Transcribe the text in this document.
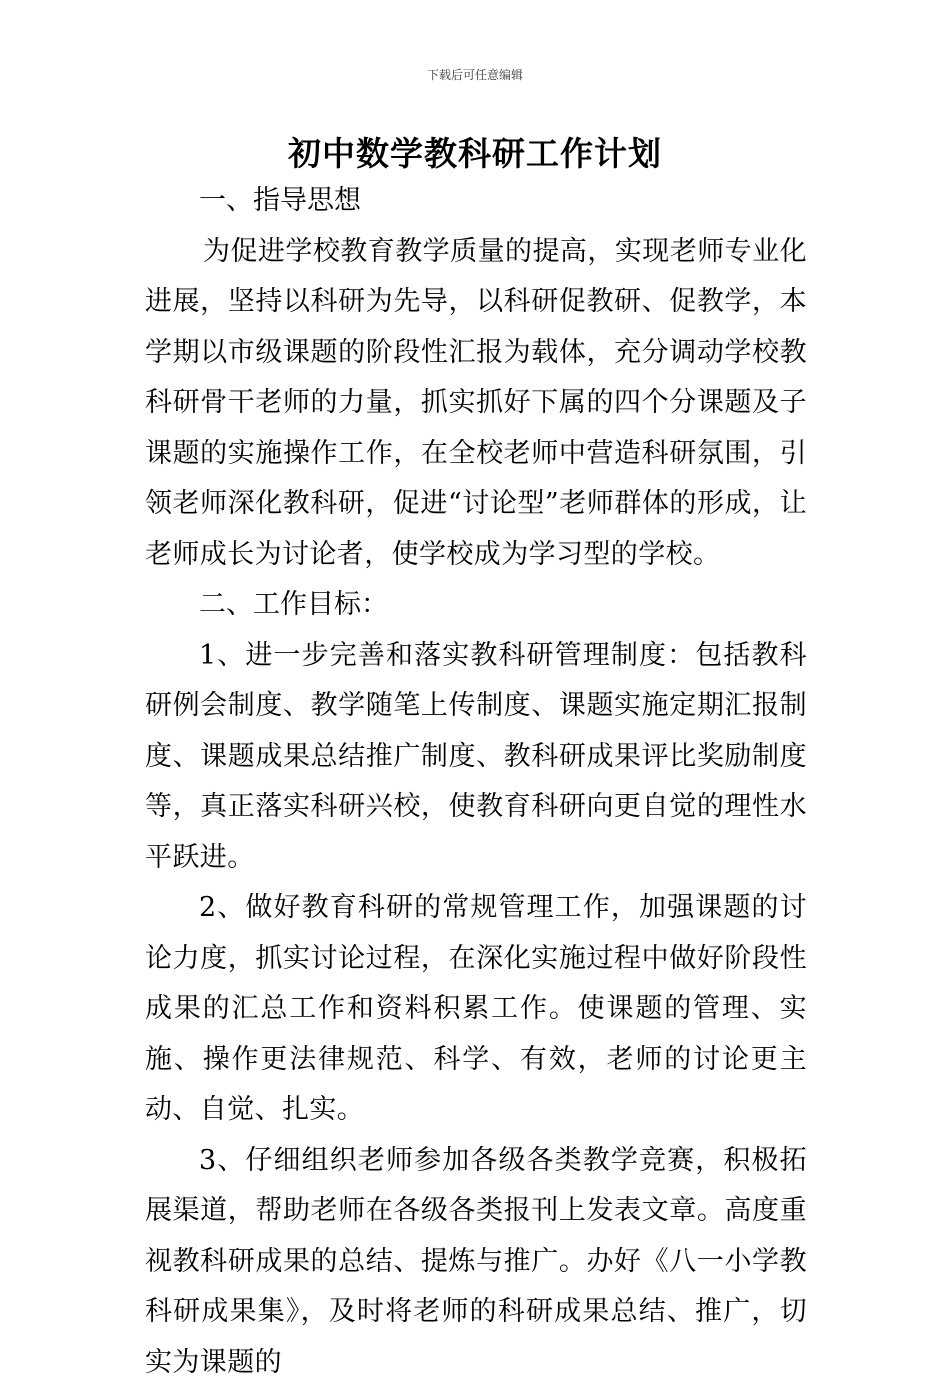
下载后可任意编辑
初中数学教科研工作计划

一、指导思想

为促进学校教育教学质量的提高，实现老师专业化进展，坚持以科研为先导，以科研促教研、促教学，本学期以市级课题的阶段性汇报为载体，充分调动学校教科研骨干老师的力量，抓实抓好下属的四个分课题及子课题的实施操作工作，在全校老师中营造科研氛围，引领老师深化教科研，促进“讨论型”老师群体的形成，让老师成长为讨论者，使学校成为学习型的学校。

二、工作目标：

1、进一步完善和落实教科研管理制度：包括教科研例会制度、教学随笔上传制度、课题实施定期汇报制度、课题成果总结推广制度、教科研成果评比奖励制度等，真正落实科研兴校，使教育科研向更自觉的理性水平跃进。

2、做好教育科研的常规管理工作，加强课题的讨论力度，抓实讨论过程，在深化实施过程中做好阶段性成果的汇总工作和资料积累工作。使课题的管理、实施、操作更法律规范、科学、有效，老师的讨论更主动、自觉、扎实。

3、仔细组织老师参加各级各类教学竞赛，积极拓展渠道，帮助老师在各级各类报刊上发表文章。高度重视教科研成果的总结、提炼与推广。办好《八一小学教科研成果集》，及时将老师的科研成果总结、推广，切实为课题的
